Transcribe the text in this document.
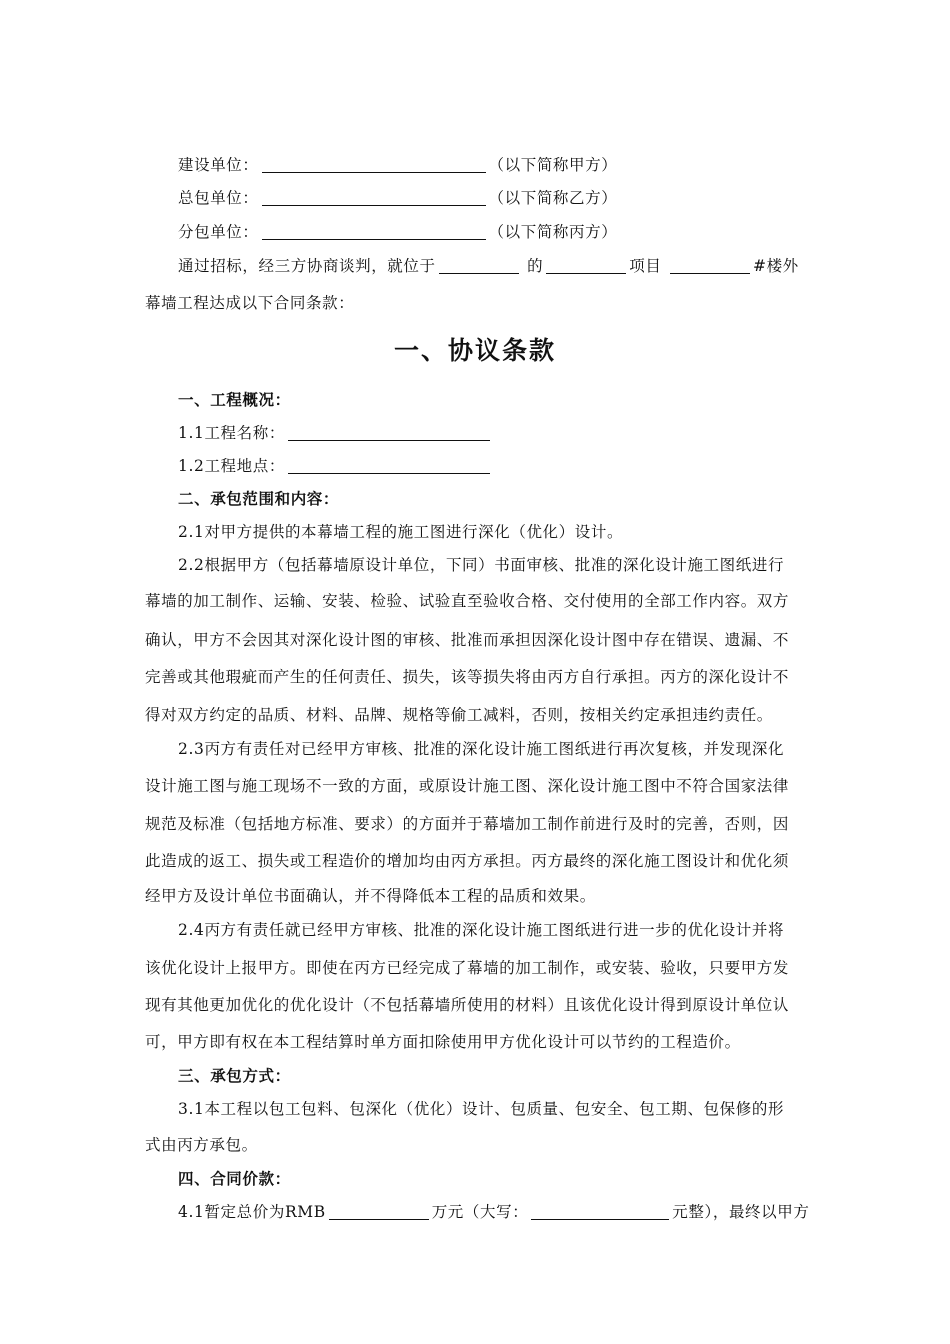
建设单位：	（以下简称甲方）
总包单位：	（以下简称乙方）
分包单位：	（以下简称丙方）
通过招标，经三方协商谈判，就位于	的	项目	#楼外
幕墙工程达成以下合同条款：
一、协议条款
一、工程概况：
1.1工程名称：
1.2工程地点：
二、承包范围和内容：
2.1对甲方提供的本幕墙工程的施工图进行深化（优化）设计。
2.2根据甲方（包括幕墙原设计单位，下同）书面审核、批准的深化设计施工图纸进行
幕墙的加工制作、运输、安装、检验、试验直至验收合格、交付使用的全部工作内容。双方
确认，甲方不会因其对深化设计图的审核、批准而承担因深化设计图中存在错误、遗漏、不
完善或其他瑕疵而产生的任何责任、损失，该等损失将由丙方自行承担。丙方的深化设计不
得对双方约定的品质、材料、品牌、规格等偷工减料，否则，按相关约定承担违约责任。
2.3丙方有责任对已经甲方审核、批准的深化设计施工图纸进行再次复核，并发现深化
设计施工图与施工现场不一致的方面，或原设计施工图、深化设计施工图中不符合国家法律
规范及标准（包括地方标准、要求）的方面并于幕墙加工制作前进行及时的完善，否则，因
此造成的返工、损失或工程造价的增加均由丙方承担。丙方最终的深化施工图设计和优化须
经甲方及设计单位书面确认，并不得降低本工程的品质和效果。
2.4丙方有责任就已经甲方审核、批准的深化设计施工图纸进行进一步的优化设计并将
该优化设计上报甲方。即使在丙方已经完成了幕墙的加工制作，或安装、验收，只要甲方发
现有其他更加优化的优化设计（不包括幕墙所使用的材料）且该优化设计得到原设计单位认
可，甲方即有权在本工程结算时单方面扣除使用甲方优化设计可以节约的工程造价。
三、承包方式：
3.1本工程以包工包料、包深化（优化）设计、包质量、包安全、包工期、包保修的形
式由丙方承包。
四、合同价款：
4.1暂定总价为RMB	万元（大写：	元整），最终以甲方
